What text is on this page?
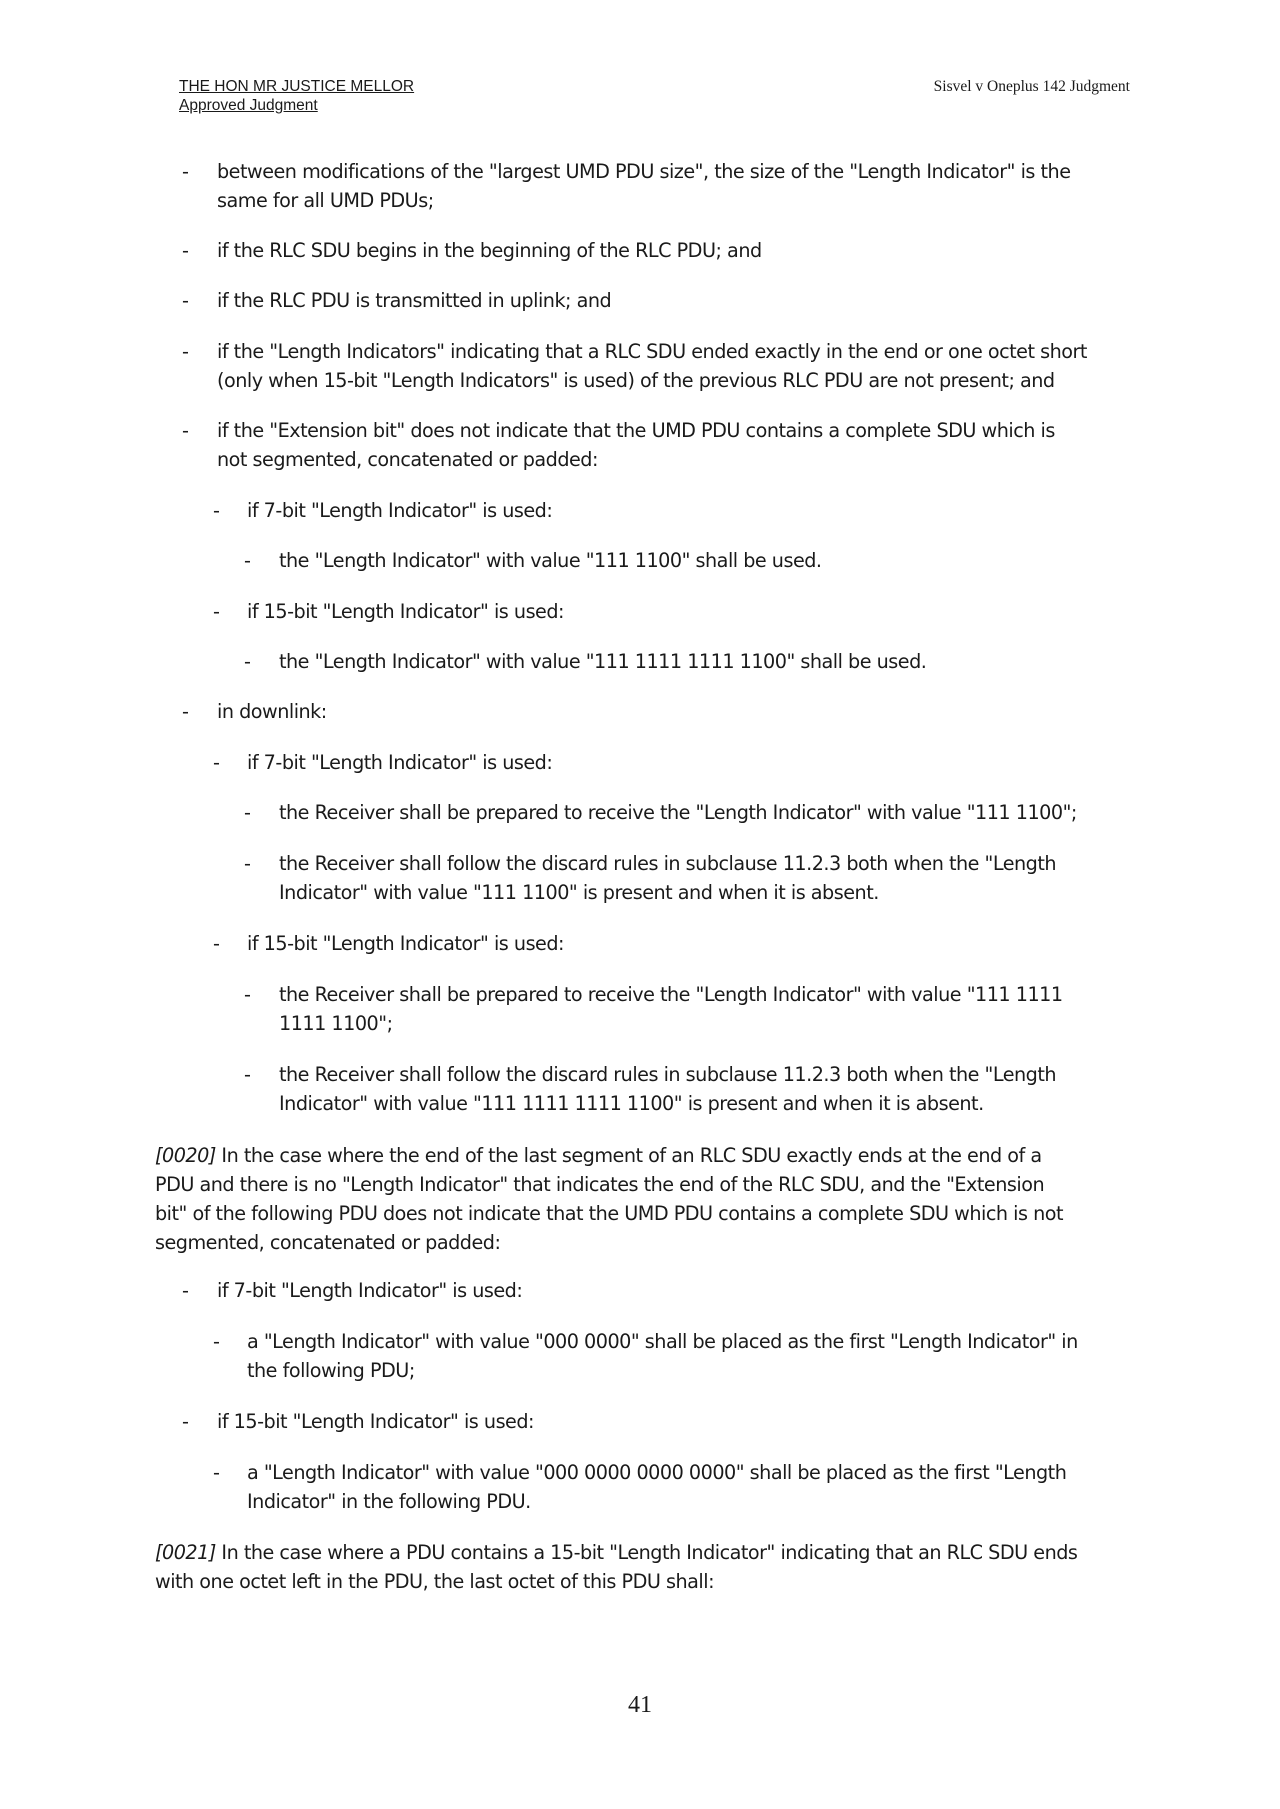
THE HON MR JUSTICE MELLOR
Approved Judgment
Sisvel v Oneplus 142 Judgment
- between modifications of the "largest UMD PDU size", the size of the "Length Indicator" is the
same for all UMD PDUs;
- if the RLC SDU begins in the beginning of the RLC PDU; and
- if the RLC PDU is transmitted in uplink; and
- if the "Length Indicators" indicating that a RLC SDU ended exactly in the end or one octet short
(only when 15-bit "Length Indicators" is used) of the previous RLC PDU are not present; and
- if the "Extension bit" does not indicate that the UMD PDU contains a complete SDU which is
not segmented, concatenated or padded:
- if 7-bit "Length Indicator" is used:
- the "Length Indicator" with value "111 1100" shall be used.
- if 15-bit "Length Indicator" is used:
- the "Length Indicator" with value "111 1111 1111 1100" shall be used.
- in downlink:
- if 7-bit "Length Indicator" is used:
- the Receiver shall be prepared to receive the "Length Indicator" with value "111 1100";
- the Receiver shall follow the discard rules in subclause 11.2.3 both when the "Length
Indicator" with value "111 1100" is present and when it is absent.
- if 15-bit "Length Indicator" is used:
- the Receiver shall be prepared to receive the "Length Indicator" with value "111 1111
1111 1100";
- the Receiver shall follow the discard rules in subclause 11.2.3 both when the "Length
Indicator" with value "111 1111 1111 1100" is present and when it is absent.
[0020] In the case where the end of the last segment of an RLC SDU exactly ends at the end of a
PDU and there is no "Length Indicator" that indicates the end of the RLC SDU, and the "Extension
bit" of the following PDU does not indicate that the UMD PDU contains a complete SDU which is not
segmented, concatenated or padded:
- if 7-bit "Length Indicator" is used:
- a "Length Indicator" with value "000 0000" shall be placed as the first "Length Indicator" in
the following PDU;
- if 15-bit "Length Indicator" is used:
- a "Length Indicator" with value "000 0000 0000 0000" shall be placed as the first "Length
Indicator" in the following PDU.
[0021] In the case where a PDU contains a 15-bit "Length Indicator" indicating that an RLC SDU ends
with one octet left in the PDU, the last octet of this PDU shall:
41
